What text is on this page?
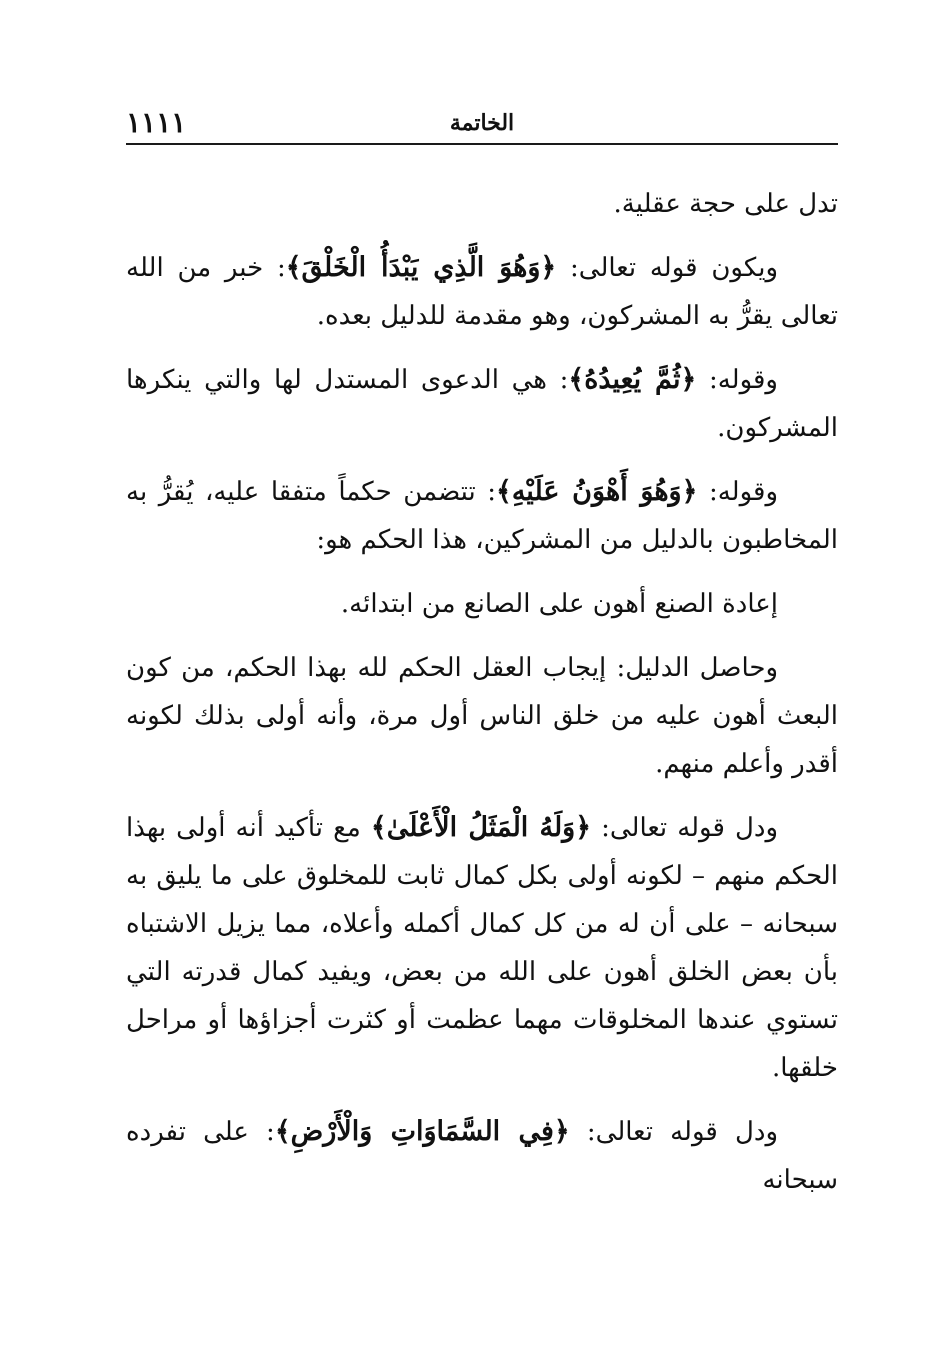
الخاتمة
١١١١

تدل على حجة عقلية.

ويكون قوله تعالى: ﴿وَهُوَ الَّذِي يَبْدَأُ الْخَلْقَ﴾: خبر من الله تعالى يقرُّ به المشركون، وهو مقدمة للدليل بعده.

وقوله: ﴿ثُمَّ يُعِيدُهُ﴾: هي الدعوى المستدل لها والتي ينكرها المشركون.

وقوله: ﴿وَهُوَ أَهْوَنُ عَلَيْهِ﴾: تتضمن حكماً متفقا عليه، يُقرُّ به المخاطبون بالدليل من المشركين، هذا الحكم هو:

إعادة الصنع أهون على الصانع من ابتدائه.

وحاصل الدليل: إيجاب العقل الحكم لله بهذا الحكم، من كون البعث أهون عليه من خلق الناس أول مرة، وأنه أولى بذلك لكونه أقدر وأعلم منهم.

ودل قوله تعالى: ﴿وَلَهُ الْمَثَلُ الْأَعْلَىٰ﴾ مع تأكيد أنه أولى بهذا الحكم منهم – لكونه أولى بكل كمال ثابت للمخلوق على ما يليق به سبحانه – على أن له من كل كمال أكمله وأعلاه، مما يزيل الاشتباه بأن بعض الخلق أهون على الله من بعض، ويفيد كمال قدرته التي تستوي عندها المخلوقات مهما عظمت أو كثرت أجزاؤها أو مراحل خلقها.

ودل قوله تعالى: ﴿فِي السَّمَاوَاتِ وَالْأَرْضِ﴾: على تفرده سبحانه
